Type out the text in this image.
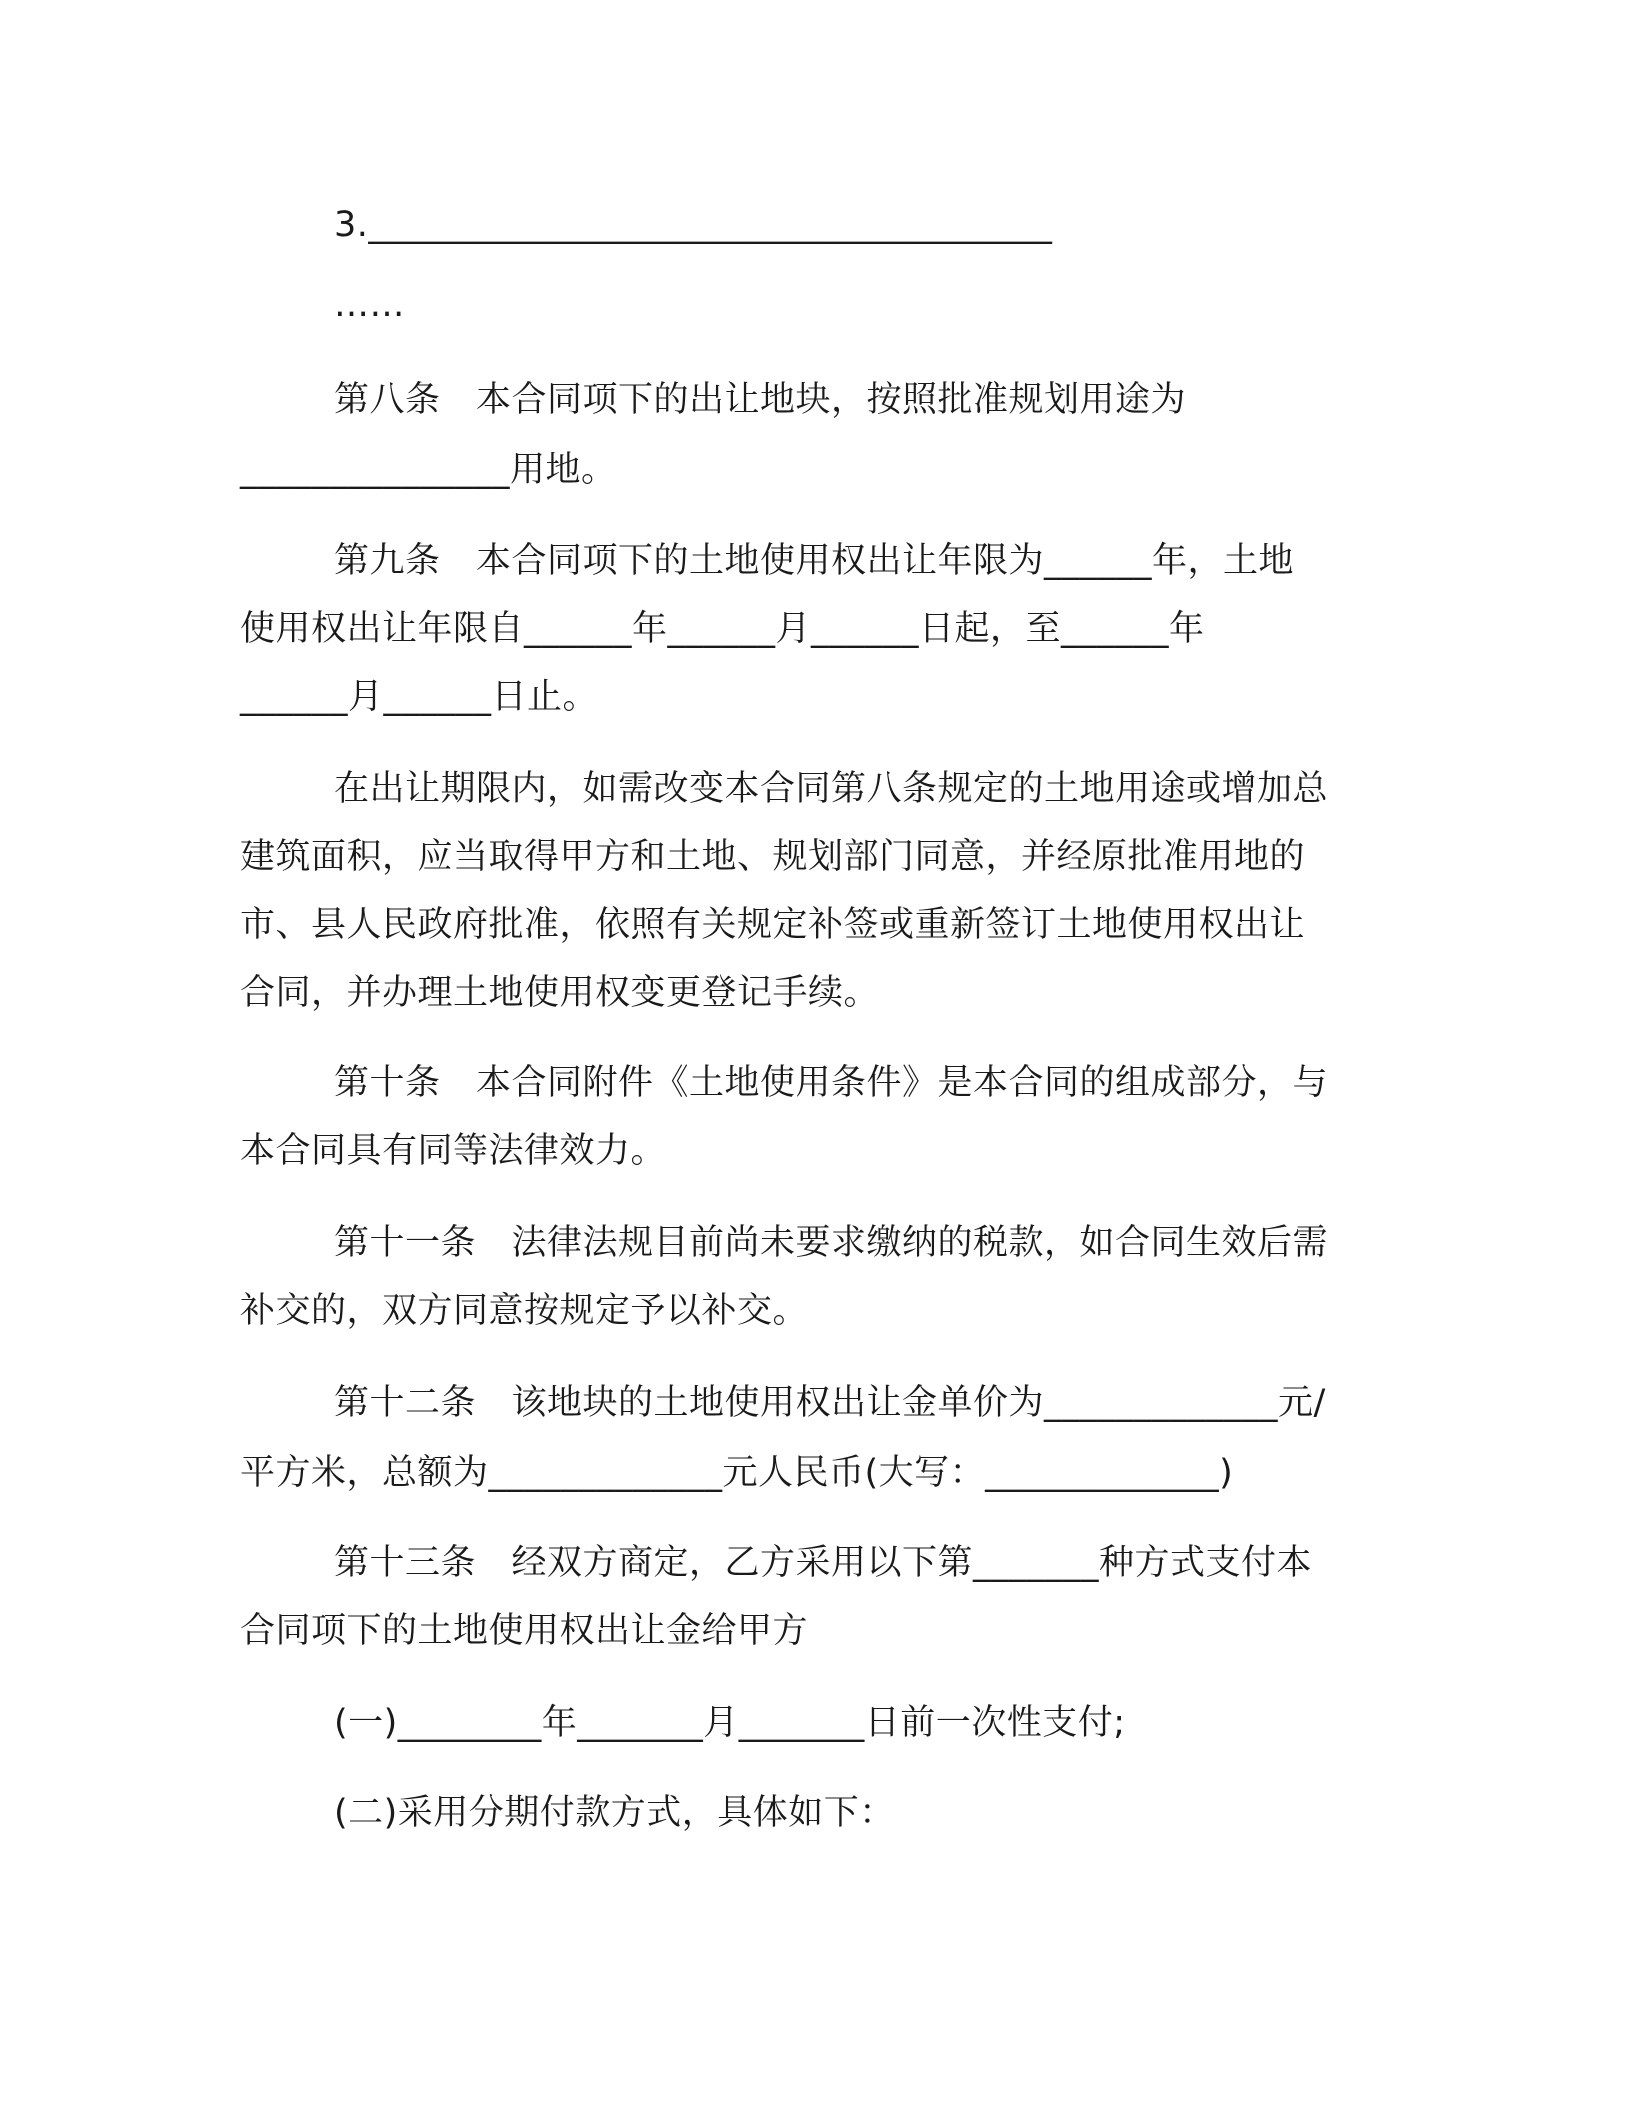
3.______________________________________
……
第八条　本合同项下的出让地块，按照批准规划用途为
_______________用地。
第九条　本合同项下的土地使用权出让年限为______年，土地
使用权出让年限自______年______月______日起，至______年
______月______日止。
在出让期限内，如需改变本合同第八条规定的土地用途或增加总
建筑面积，应当取得甲方和土地、规划部门同意，并经原批准用地的
市、县人民政府批准，依照有关规定补签或重新签订土地使用权出让
合同，并办理土地使用权变更登记手续。
第十条　本合同附件《土地使用条件》是本合同的组成部分，与
本合同具有同等法律效力。
第十一条　法律法规目前尚未要求缴纳的税款，如合同生效后需
补交的，双方同意按规定予以补交。
第十二条　该地块的土地使用权出让金单价为_____________元/
平方米，总额为_____________元人民币(大写：_____________)
第十三条　经双方商定，乙方采用以下第_______种方式支付本
合同项下的土地使用权出让金给甲方
(一)________年_______月_______日前一次性支付;
(二)采用分期付款方式，具体如下：
